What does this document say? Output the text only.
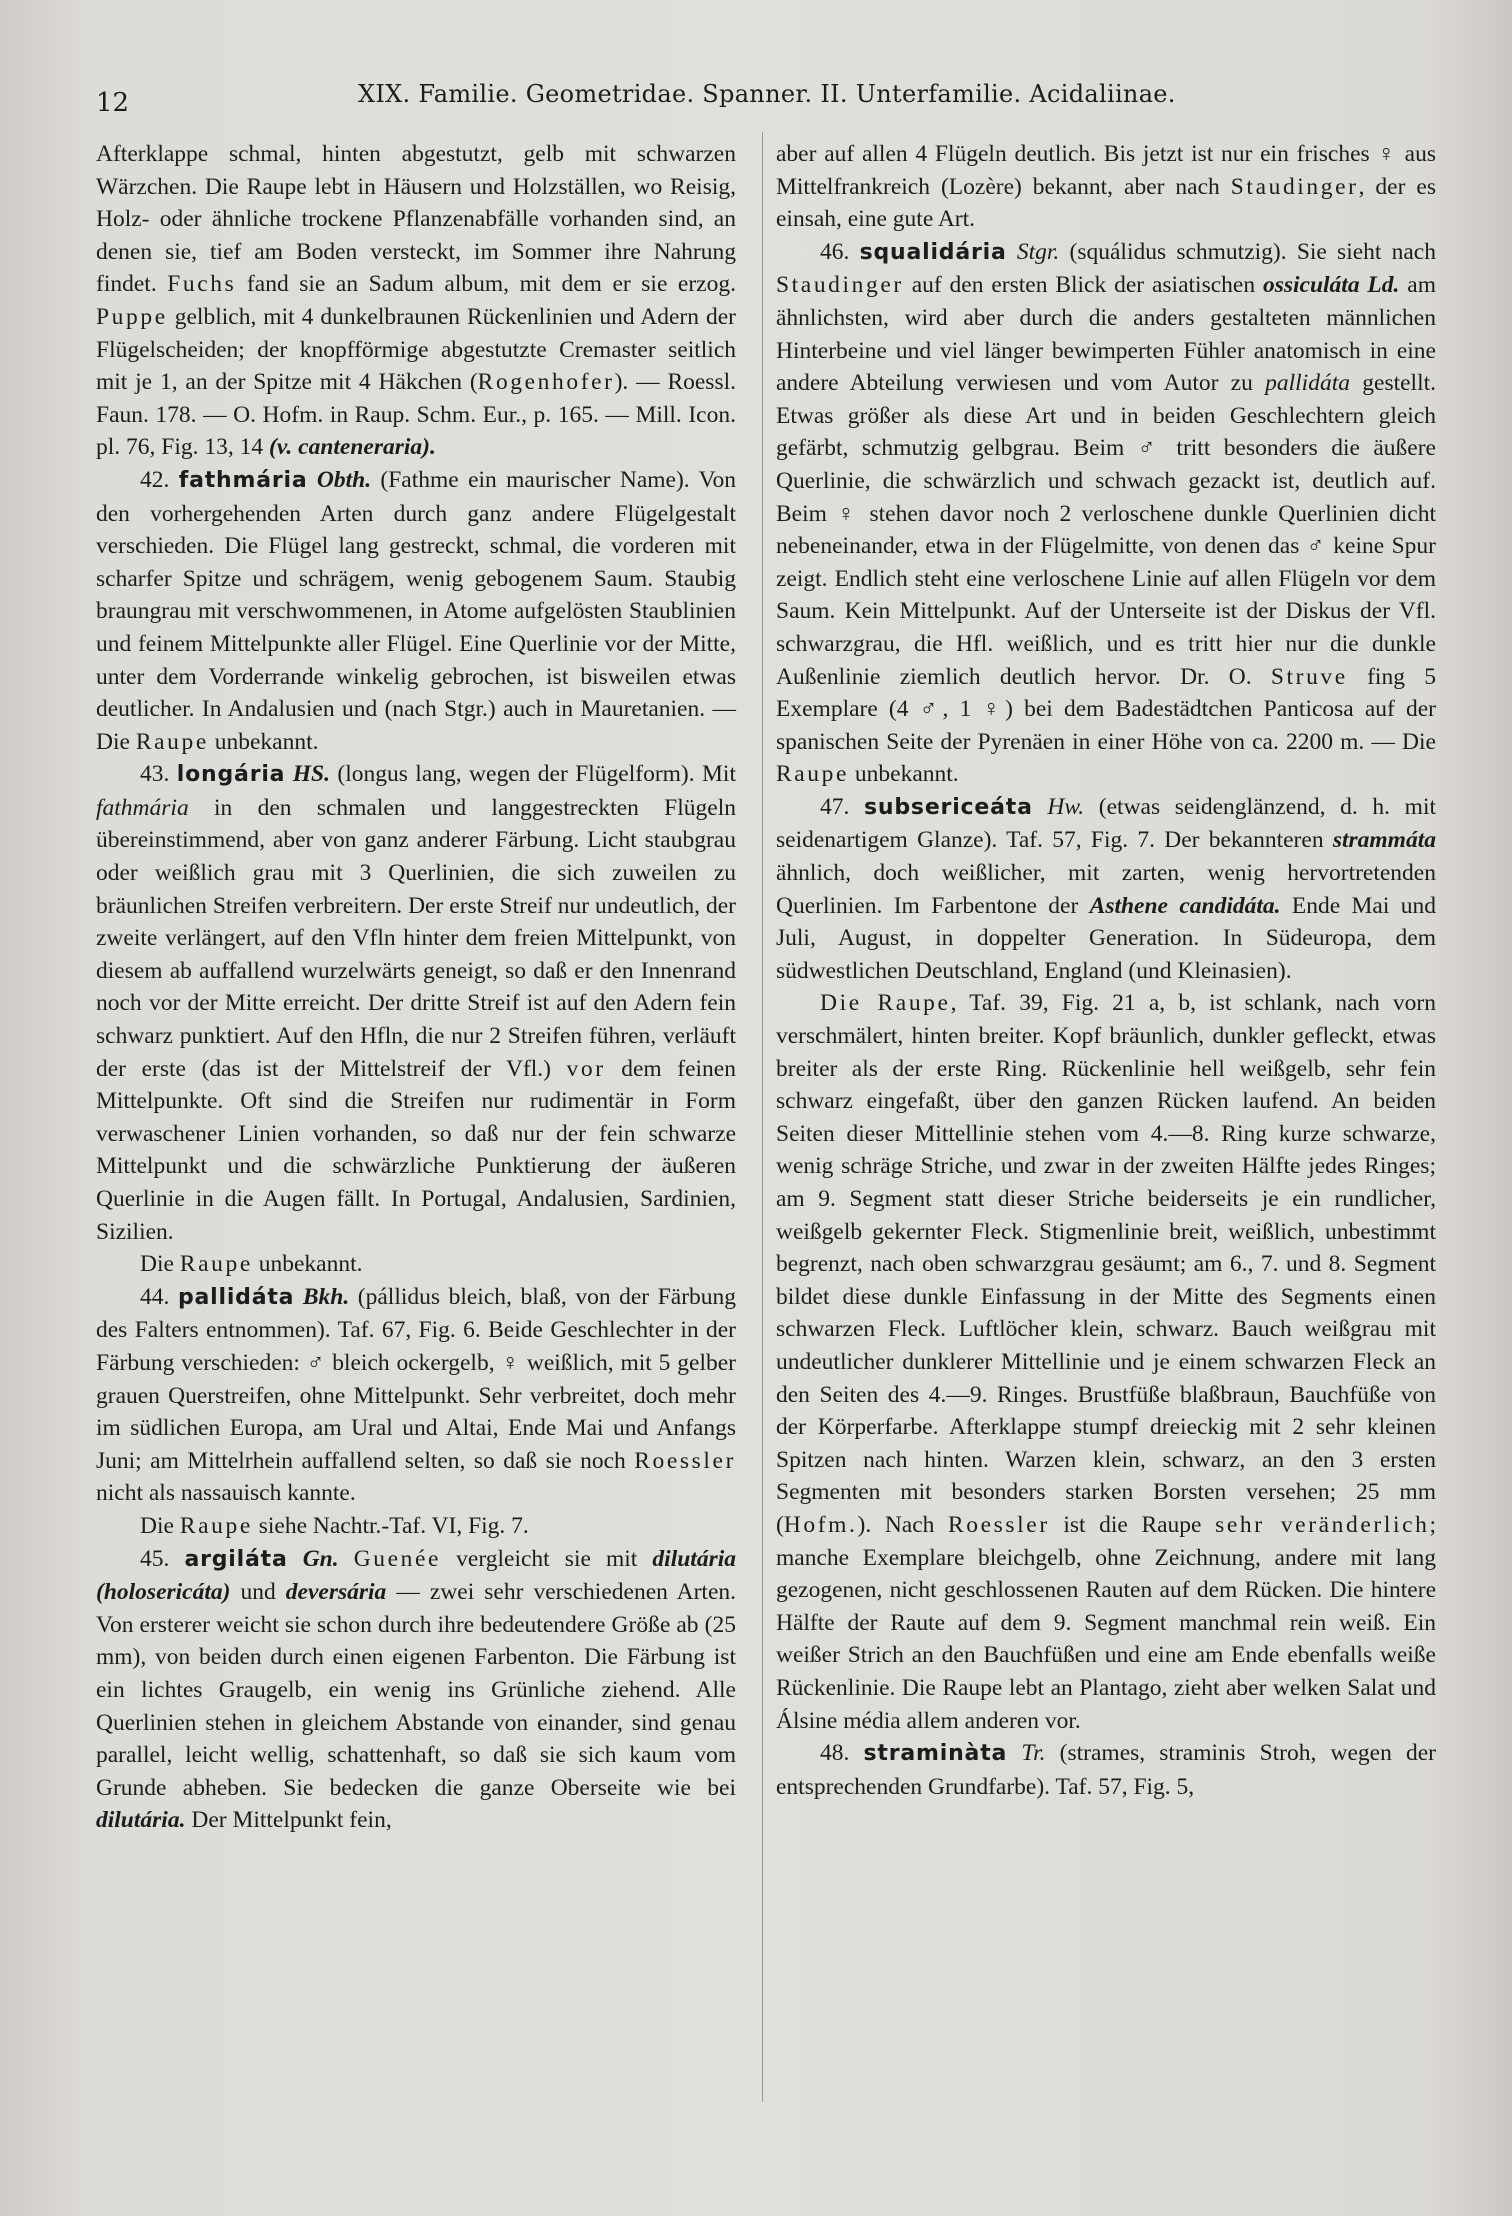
12	XIX. Familie. Geometridae. Spanner. II. Unterfamilie. Acidaliinae.

Afterklappe schmal, hinten abgestutzt, gelb mit schwarzen Wärzchen. Die Raupe lebt in Häusern und Holzställen, wo Reisig, Holz- oder ähnliche trockene Pflanzenabfälle vorhanden sind, an denen sie, tief am Boden versteckt, im Sommer ihre Nahrung findet. Fuchs fand sie an Sadum album, mit dem er sie erzog. Puppe gelblich, mit 4 dunkelbraunen Rückenlinien und Adern der Flügelscheiden; der knopfförmige abgestutzte Cremaster seitlich mit je 1, an der Spitze mit 4 Häkchen (Rogenhofer). — Roessl. Faun. 178. — O. Hofm. in Raup. Schm. Eur., p. 165. — Mill. Icon. pl. 76, Fig. 13, 14 (v. canteneraria).

42. fathmária Obth. (Fathme ein maurischer Name). Von den vorhergehenden Arten durch ganz andere Flügelgestalt verschieden. Die Flügel lang gestreckt, schmal, die vorderen mit scharfer Spitze und schrägem, wenig gebogenem Saum. Staubig braungrau mit verschwommenen, in Atome aufgelösten Staublinien und feinem Mittelpunkte aller Flügel. Eine Querlinie vor der Mitte, unter dem Vorderrande winkelig gebrochen, ist bisweilen etwas deutlicher. In Andalusien und (nach Stgr.) auch in Mauretanien. — Die Raupe unbekannt.

43. longária HS. (longus lang, wegen der Flügelform). Mit fathmária in den schmalen und langgestreckten Flügeln übereinstimmend, aber von ganz anderer Färbung. Licht staubgrau oder weißlich grau mit 3 Querlinien, die sich zuweilen zu bräunlichen Streifen verbreitern. Der erste Streif nur undeutlich, der zweite verlängert, auf den Vfln hinter dem freien Mittelpunkt, von diesem ab auffallend wurzelwärts geneigt, so daß er den Innenrand noch vor der Mitte erreicht. Der dritte Streif ist auf den Adern fein schwarz punktiert. Auf den Hfln, die nur 2 Streifen führen, verläuft der erste (das ist der Mittelstreif der Vfl.) vor dem feinen Mittelpunkte. Oft sind die Streifen nur rudimentär in Form verwaschener Linien vorhanden, so daß nur der fein schwarze Mittelpunkt und die schwärzliche Punktierung der äußeren Querlinie in die Augen fällt. In Portugal, Andalusien, Sardinien, Sizilien.

Die Raupe unbekannt.

44. pallidáta Bkh. (pállidus bleich, blaß, von der Färbung des Falters entnommen). Taf. 67, Fig. 6. Beide Geschlechter in der Färbung verschieden: ♂ bleich ockergelb, ♀ weißlich, mit 5 gelber grauen Querstreifen, ohne Mittelpunkt. Sehr verbreitet, doch mehr im südlichen Europa, am Ural und Altai, Ende Mai und Anfangs Juni; am Mittelrhein auffallend selten, so daß sie noch Roessler nicht als nassauisch kannte.

Die Raupe siehe Nachtr.-Taf. VI, Fig. 7.

45. argiláta Gn. Guenée vergleicht sie mit dilutária (holosericáta) und deversária — zwei sehr verschiedenen Arten. Von ersterer weicht sie schon durch ihre bedeutendere Größe ab (25 mm), von beiden durch einen eigenen Farbenton. Die Färbung ist ein lichtes Graugelb, ein wenig ins Grünliche ziehend. Alle Querlinien stehen in gleichem Abstande von einander, sind genau parallel, leicht wellig, schattenhaft, so daß sie sich kaum vom Grunde abheben. Sie bedecken die ganze Oberseite wie bei dilutária. Der Mittelpunkt fein,

aber auf allen 4 Flügeln deutlich. Bis jetzt ist nur ein frisches ♀ aus Mittelfrankreich (Lozère) bekannt, aber nach Staudinger, der es einsah, eine gute Art.

46. squalidária Stgr. (squálidus schmutzig). Sie sieht nach Staudinger auf den ersten Blick der asiatischen ossiculáta Ld. am ähnlichsten, wird aber durch die anders gestalteten männlichen Hinterbeine und viel länger bewimperten Fühler anatomisch in eine andere Abteilung verwiesen und vom Autor zu pallidáta gestellt. Etwas größer als diese Art und in beiden Geschlechtern gleich gefärbt, schmutzig gelbgrau. Beim ♂ tritt besonders die äußere Querlinie, die schwärzlich und schwach gezackt ist, deutlich auf. Beim ♀ stehen davor noch 2 verloschene dunkle Querlinien dicht nebeneinander, etwa in der Flügelmitte, von denen das ♂ keine Spur zeigt. Endlich steht eine verloschene Linie auf allen Flügeln vor dem Saum. Kein Mittelpunkt. Auf der Unterseite ist der Diskus der Vfl. schwarzgrau, die Hfl. weißlich, und es tritt hier nur die dunkle Außenlinie ziemlich deutlich hervor. Dr. O. Struve fing 5 Exemplare (4 ♂, 1 ♀) bei dem Badestädtchen Panticosa auf der spanischen Seite der Pyrenäen in einer Höhe von ca. 2200 m. — Die Raupe unbekannt.

47. subsericeáta Hw. (etwas seidenglänzend, d. h. mit seidenartigem Glanze). Taf. 57, Fig. 7. Der bekannteren strammáta ähnlich, doch weißlicher, mit zarten, wenig hervortretenden Querlinien. Im Farbentone der Asthene candidáta. Ende Mai und Juli, August, in doppelter Generation. In Südeuropa, dem südwestlichen Deutschland, England (und Kleinasien).

Die Raupe, Taf. 39, Fig. 21 a, b, ist schlank, nach vorn verschmälert, hinten breiter. Kopf bräunlich, dunkler gefleckt, etwas breiter als der erste Ring. Rückenlinie hell weißgelb, sehr fein schwarz eingefaßt, über den ganzen Rücken laufend. An beiden Seiten dieser Mittellinie stehen vom 4.—8. Ring kurze schwarze, wenig schräge Striche, und zwar in der zweiten Hälfte jedes Ringes; am 9. Segment statt dieser Striche beiderseits je ein rundlicher, weißgelb gekernter Fleck. Stigmenlinie breit, weißlich, unbestimmt begrenzt, nach oben schwarzgrau gesäumt; am 6., 7. und 8. Segment bildet diese dunkle Einfassung in der Mitte des Segments einen schwarzen Fleck. Luftlöcher klein, schwarz. Bauch weißgrau mit undeutlicher dunklerer Mittellinie und je einem schwarzen Fleck an den Seiten des 4.—9. Ringes. Brustfüße blaßbraun, Bauchfüße von der Körperfarbe. Afterklappe stumpf dreieckig mit 2 sehr kleinen Spitzen nach hinten. Warzen klein, schwarz, an den 3 ersten Segmenten mit besonders starken Borsten versehen; 25 mm (Hofm.). Nach Roessler ist die Raupe sehr veränderlich; manche Exemplare bleichgelb, ohne Zeichnung, andere mit lang gezogenen, nicht geschlossenen Rauten auf dem Rücken. Die hintere Hälfte der Raute auf dem 9. Segment manchmal rein weiß. Ein weißer Strich an den Bauchfüßen und eine am Ende ebenfalls weiße Rückenlinie. Die Raupe lebt an Plantago, zieht aber welken Salat und Álsine média allem anderen vor.

48. straminàta Tr. (strames, straminis Stroh, wegen der entsprechenden Grundfarbe). Taf. 57, Fig. 5,
